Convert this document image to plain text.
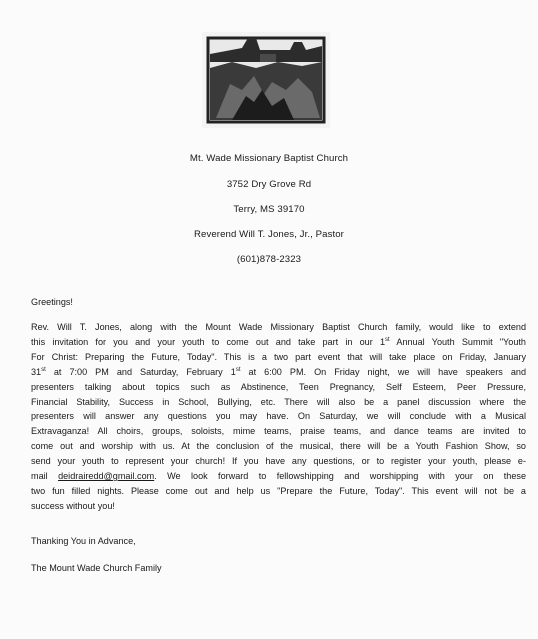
Mt. Wade Missionary Baptist Church
3752 Dry Grove Rd
Terry, MS 39170
Reverend Will T. Jones, Jr., Pastor
(601)878-2323
Greetings!
Rev. Will T. Jones, along with the Mount Wade Missionary Baptist Church family, would like to extend
this invitation for you and your youth to come out and take part in our 1st Annual Youth Summit "Youth
For Christ: Preparing the Future, Today". This is a two part event that will take place on Friday, January
31st at 7:00 PM and Saturday, February 1st at 6:00 PM. On Friday night, we will have speakers and
presenters talking about topics such as Abstinence, Teen Pregnancy, Self Esteem, Peer Pressure,
Financial Stability, Success in School, Bullying, etc. There will also be a panel discussion where the
presenters will answer any questions you may have. On Saturday, we will conclude with a Musical
Extravaganza! All choirs, groups, soloists, mime teams, praise teams, and dance teams are invited to
come out and worship with us. At the conclusion of the musical, there will be a Youth Fashion Show, so
send your youth to represent your church! If you have any questions, or to register your youth, please e-
mail deidrairedd@gmail.com. We look forward to fellowshipping and worshipping with your on these
two fun filled nights. Please come out and help us "Prepare the Future, Today". This event will not be a
success without you!
Thanking You in Advance,
The Mount Wade Church Family
